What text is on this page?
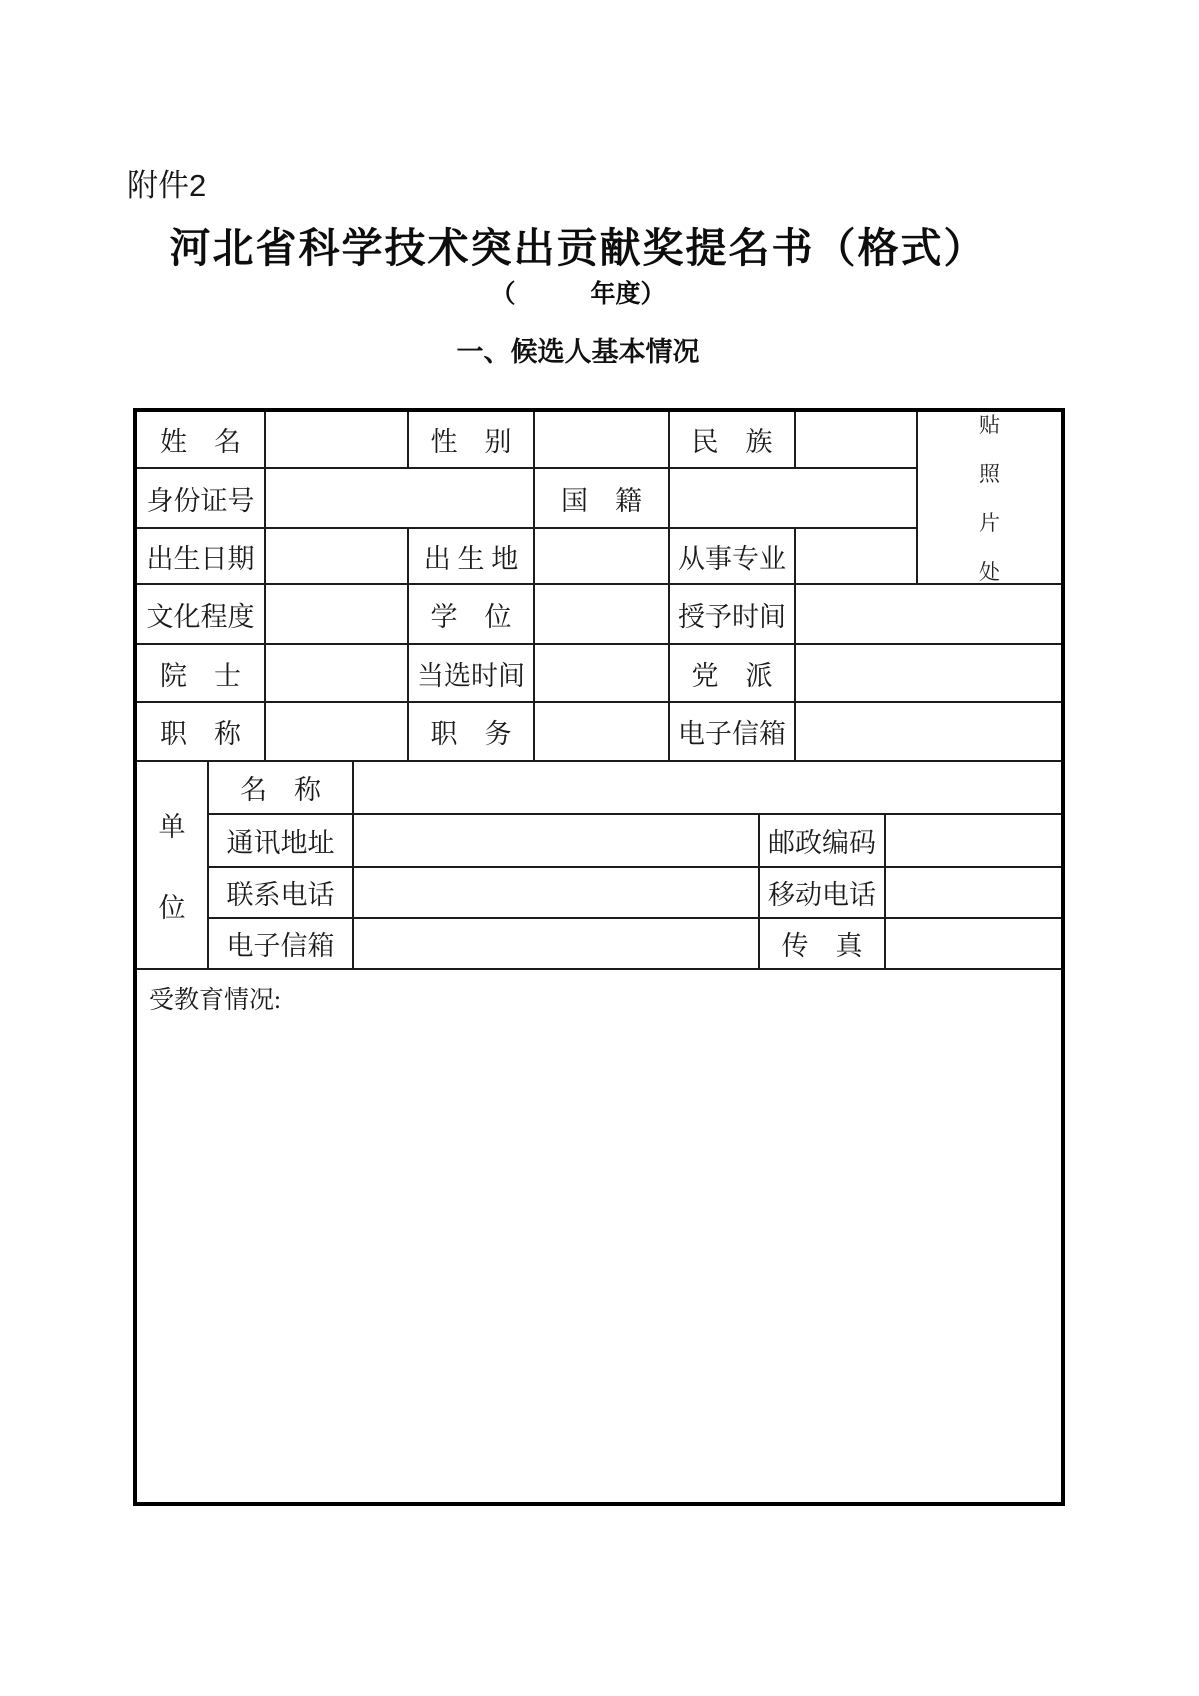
附件2
河北省科学技术突出贡献奖提名书（格式）
（　　　年度）
一、候选人基本情况
姓　名	性　别	民　族
贴
照
片
处
身份证号	国　籍
出生日期	出 生 地	从事专业
文化程度	学　位	授予时间
院　士	当选时间	党　派
职　称	职　务	电子信箱
单
位
名　称
通讯地址	邮政编码
联系电话	移动电话
电子信箱	传　真
受教育情况:
